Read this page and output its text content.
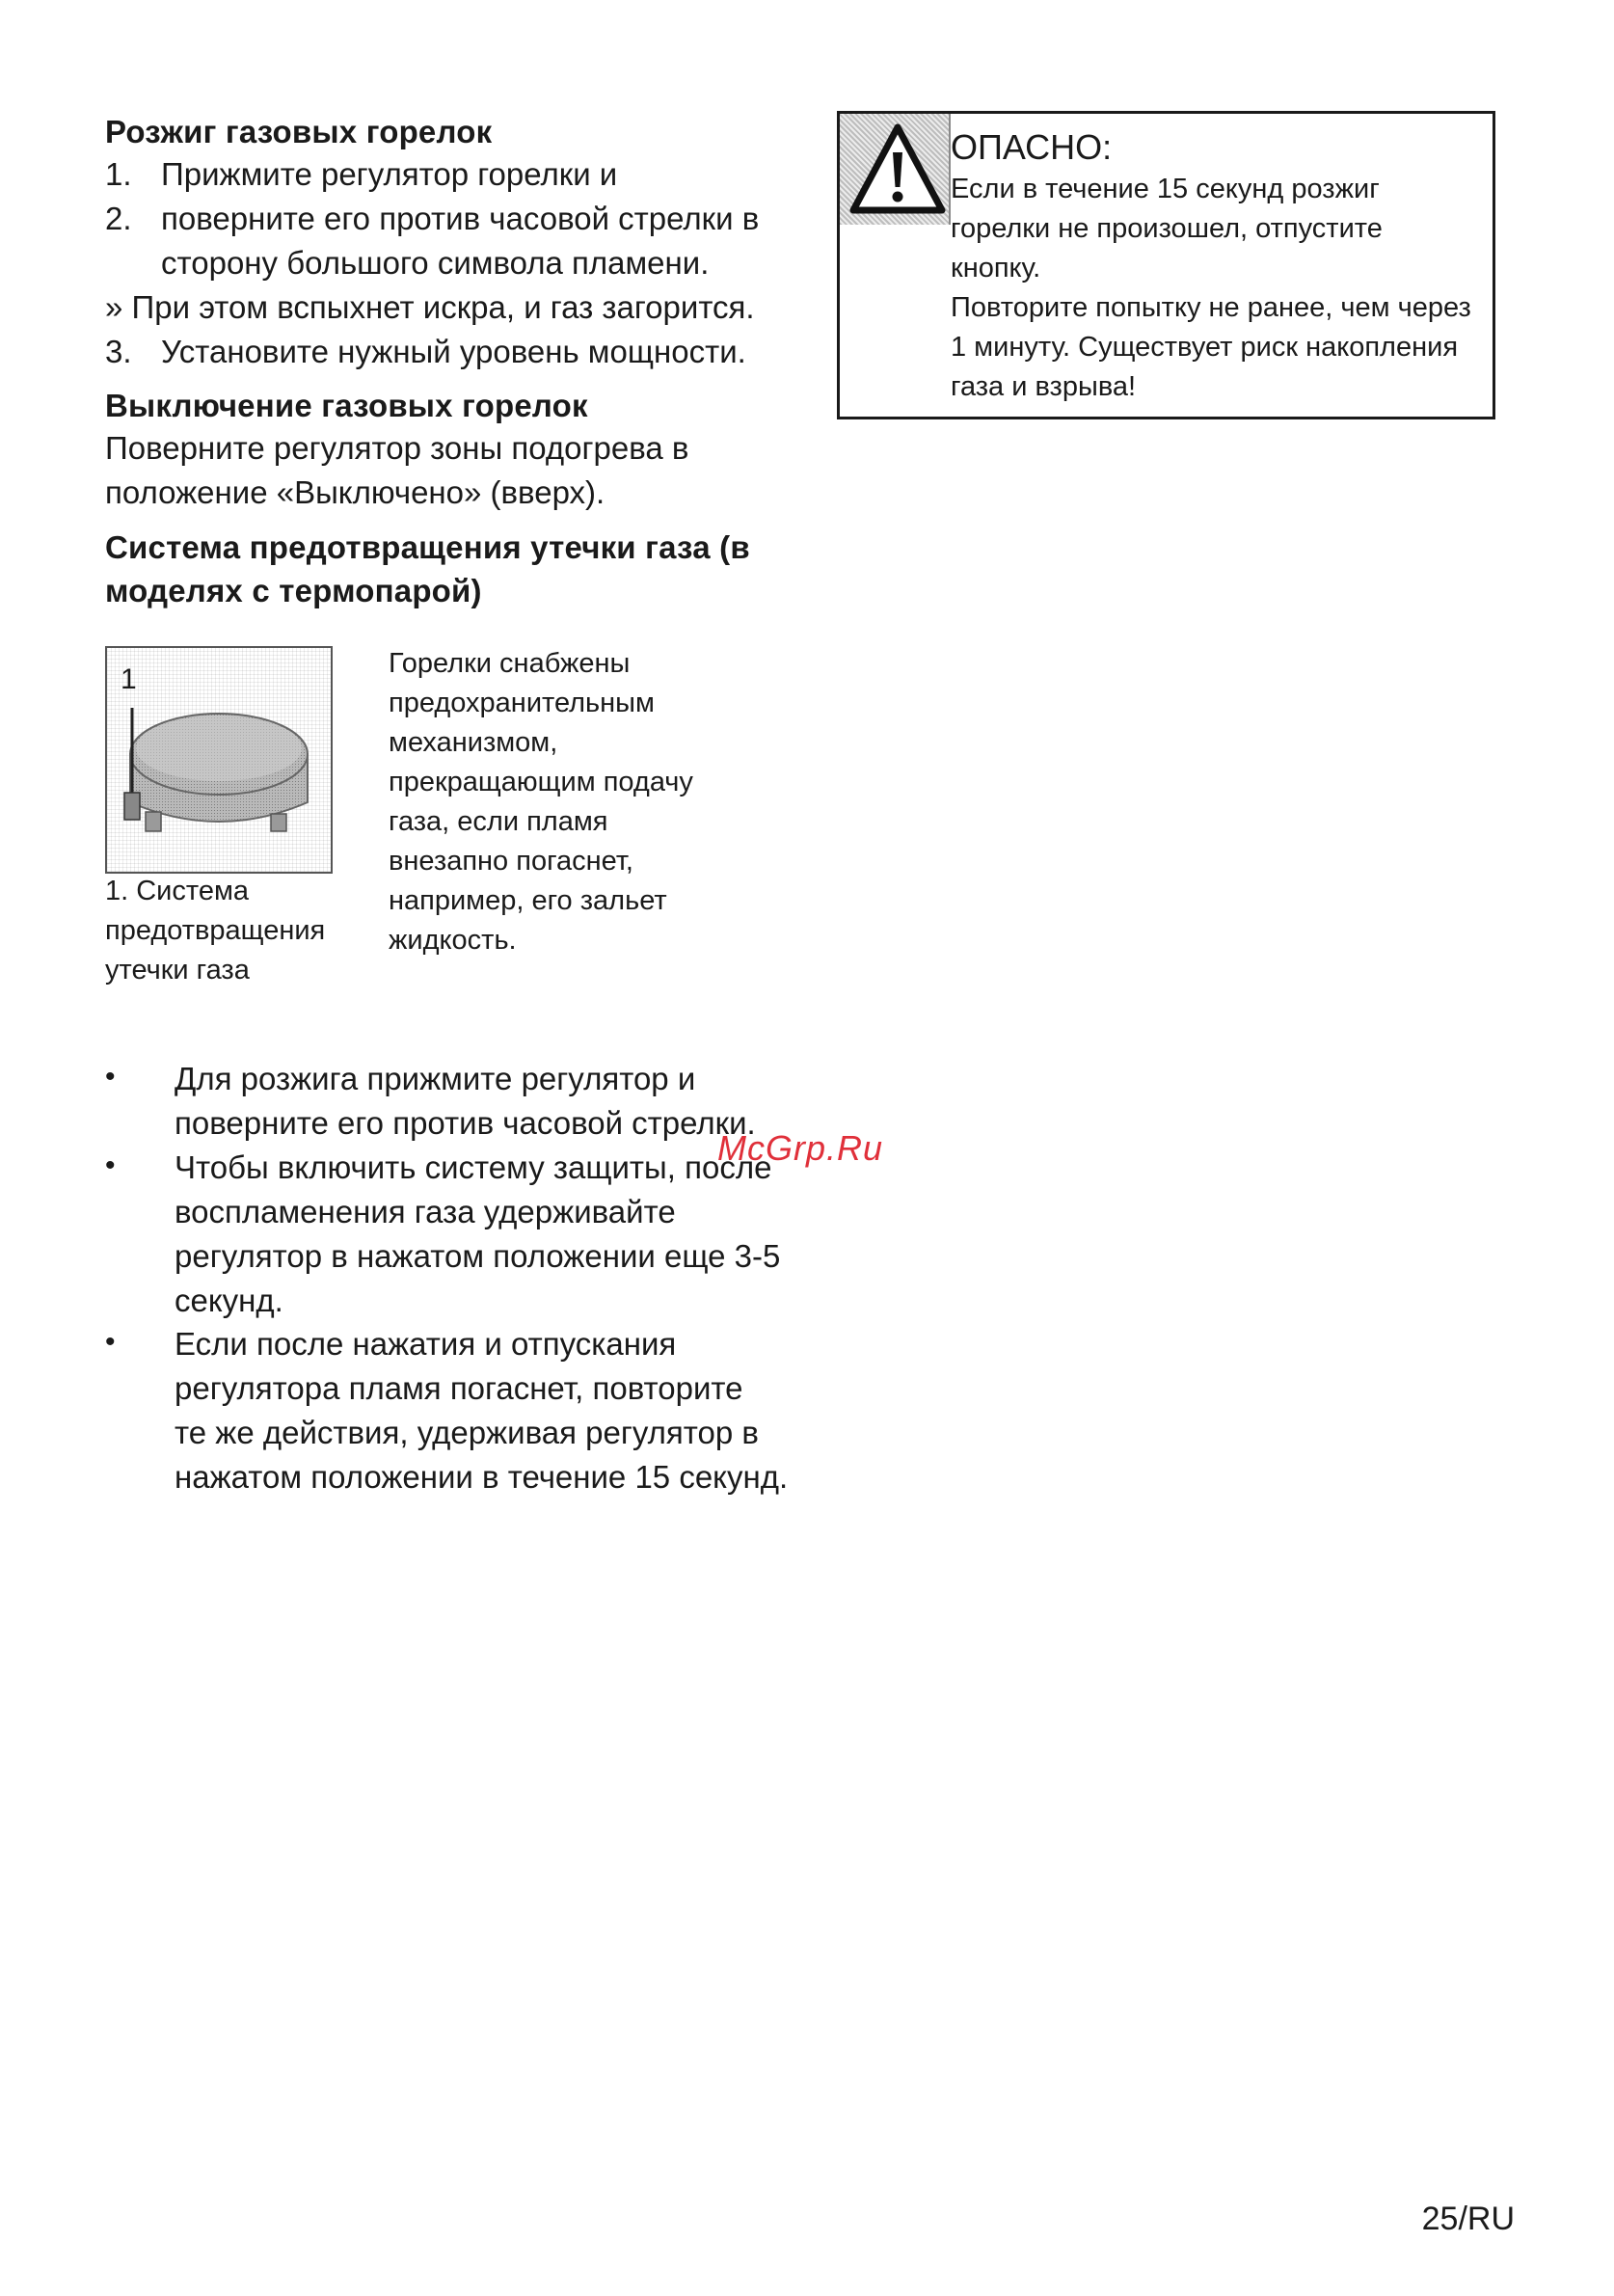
Розжиг газовых горелок
1. Прижмите регулятор горелки и
2. поверните его против часовой стрелки в
сторону большого символа пламени.
» При этом вспыхнет искра, и газ загорится.
3. Установите нужный уровень мощности.
Выключение газовых горелок
Поверните регулятор зоны подогрева в
положение «Выключено» (вверх).
Система предотвращения утечки газа (в
моделях с термопарой)
1
1. Система
предотвращения
утечки газа
Горелки снабжены
предохранительным
механизмом,
прекращающим подачу
газа, если пламя
внезапно погаснет,
например, его зальет
жидкость.
• Для розжига прижмите регулятор и
поверните его против часовой стрелки.
• Чтобы включить систему защиты, после
воспламенения газа удерживайте
регулятор в нажатом положении еще 3-5
секунд.
• Если после нажатия и отпускания
регулятора пламя погаснет, повторите
те же действия, удерживая регулятор в
нажатом положении в течение 15 секунд.
McGrp.Ru
ОПАСНО:
Если в течение 15 секунд розжиг
горелки не произошел, отпустите
кнопку.
Повторите попытку не ранее, чем через
1 минуту. Существует риск накопления
газа и взрыва!
25/RU
